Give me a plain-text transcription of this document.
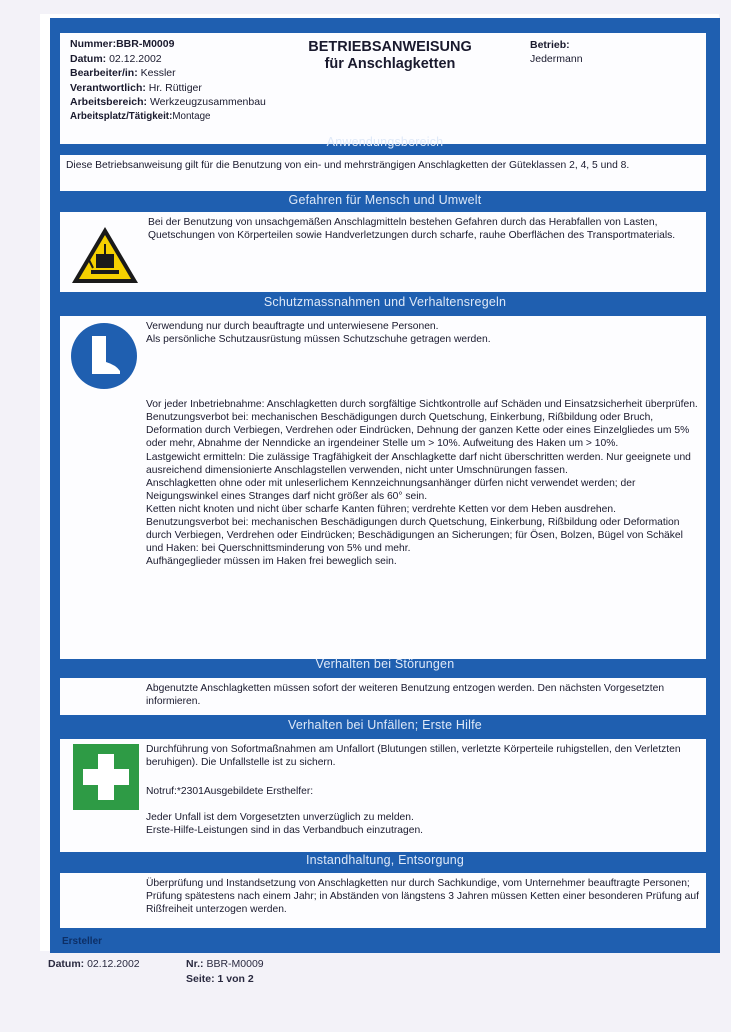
Nummer:BBR-M0009
Datum: 02.12.2002
Bearbeiter/in: Kessler
Verantwortlich: Hr. Rüttiger
Arbeitsbereich: Werkzeugzusammenbau
Arbeitsplatz/Tätigkeit:Montage
BETRIEBSANWEISUNG
für Anschlagketten
Betrieb:
Jedermann
Anwendungsbereich
Diese Betriebsanweisung gilt für die Benutzung von ein- und mehrsträngigen Anschlagketten der Güteklassen 2, 4, 5 und 8.
Gefahren für Mensch und Umwelt
Bei der Benutzung von unsachgemäßen Anschlagmitteln bestehen Gefahren durch das Herabfallen von Lasten, Quetschungen von Körperteilen sowie Handverletzungen durch scharfe, rauhe Oberflächen des Transportmaterials.
Schutzmassnahmen und Verhaltensregeln

Verwendung nur durch beauftragte und unterwiesene Personen.

Als persönliche Schutzausrüstung müssen Schutzschuhe getragen werden.

Vor jeder Inbetriebnahme: Anschlagketten durch sorgfältige Sichtkontrolle auf Schäden und Einsatzsicherheit überprüfen.

Benutzungsverbot bei: mechanischen Beschädigungen durch Quetschung, Einkerbung, Rißbildung oder Bruch, Deformation durch Verbiegen, Verdrehen oder Eindrücken, Dehnung der ganzen Kette oder eines Einzelgliedes um 5% oder mehr, Abnahme der Nenndicke an irgendeiner Stelle um > 10%. Aufweitung des Haken um > 10%.

Lastgewicht ermitteln: Die zulässige Tragfähigkeit der Anschlagkette darf nicht überschritten werden. Nur geeignete und ausreichend dimensionierte Anschlagstellen verwenden, nicht unter Umschnürungen fassen.

Anschlagketten ohne oder mit unleserlichem Kennzeichnungsanhänger dürfen nicht verwendet werden; der Neigungswinkel eines Stranges darf nicht größer als 60° sein.

Ketten nicht knoten und nicht über scharfe Kanten führen; verdrehte Ketten vor dem Heben ausdrehen.

Benutzungsverbot bei: mechanischen Beschädigungen durch Quetschung, Einkerbung, Rißbildung oder Deformation durch Verbiegen, Verdrehen oder Eindrücken; Beschädigungen an Sicherungen; für Ösen, Bolzen, Bügel von Schäkel und Haken: bei Querschnittsminderung von 5% und mehr.

Aufhängeglieder müssen im Haken frei beweglich sein.

Verhalten bei Störungen
Abgenutzte Anschlagketten müssen sofort der weiteren Benutzung entzogen werden. Den nächsten Vorgesetzten informieren.
Verhalten bei Unfällen; Erste Hilfe

Durchführung von Sofortmaßnahmen am Unfallort (Blutungen stillen, verletzte Körperteile ruhigstellen, den Verletzten beruhigen). Die Unfallstelle ist zu sichern.

Notruf:*2301Ausgebildete Ersthelfer:

Jeder Unfall ist dem Vorgesetzten unverzüglich zu melden.

Erste-Hilfe-Leistungen sind in das Verbandbuch einzutragen.

Instandhaltung, Entsorgung
Überprüfung und Instandsetzung von Anschlagketten nur durch Sachkundige, vom Unternehmer beauftragte Personen; Prüfung spätestens nach einem Jahr; in Abständen von längstens 3 Jahren müssen Ketten einer besonderen Prüfung auf Rißfreiheit unterzogen werden.
Ersteller
Datum: 02.12.2002	Nr.: BBR-M0009
Seite: 1 von 2
